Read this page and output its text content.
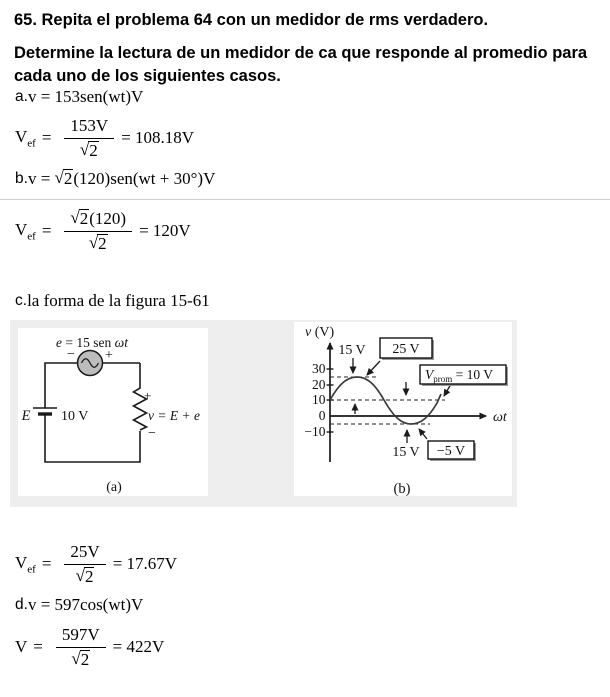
65. Repita el problema 64 con un medidor de rms verdadero.
Determine la lectura de un medidor de ca que responde al promedio para
cada uno de los siguientes casos.
a. v = 153sen(wt)V
$V_{ef} = \frac{153V}{√ 2} = 108.18V$
b. v = √ 2 (120)sen(wt + 30°)V
$V_{ef} = \frac{√ 2 (120)}{√ 2} = 120V$
c. la forma de la figura 15-61
e = 15 sen ωt
− +
E 10 V
+
v = E + e
−
(a)
30
20
10
0
−10
25 V
$V_{prom} = 10$ V
−5 V
v (V)
ωt
15 V
15 V
(b)
$V_{ef} = \frac{25V}{√ 2} = 17.67V$
d. v = 597cos(wt)V
$V = \frac{597V}{√ 2} = 422V$
